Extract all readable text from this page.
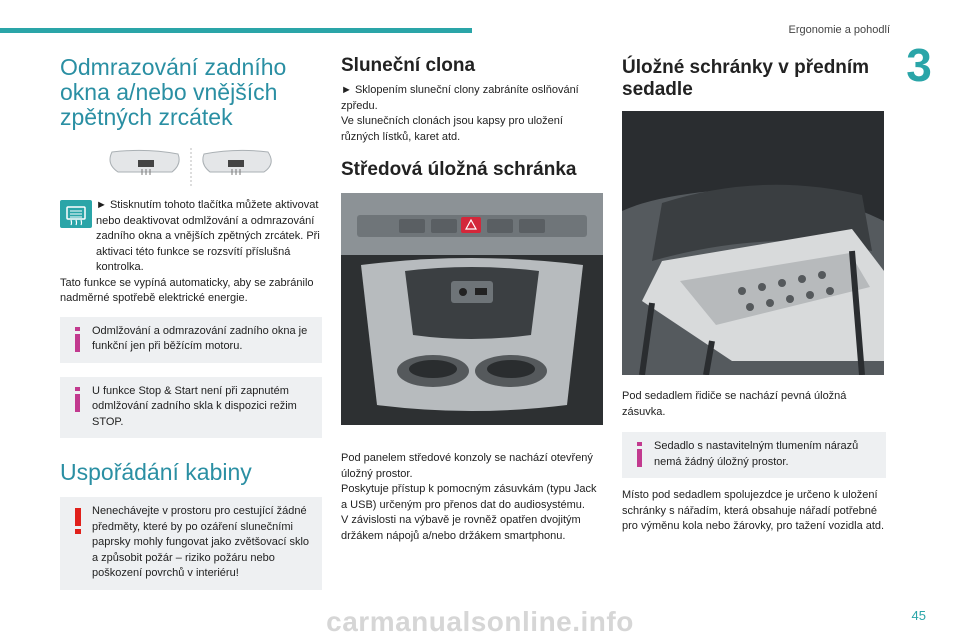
Ergonomie a pohodlí
3
Odmrazování zadního okna a/nebo vnějších zpětných zrcátek

► Stisknutím tohoto tlačítka můžete aktivovat nebo deaktivovat odmlžování a odmrazování zadního okna a vnějších zpětných zrcátek. Při aktivaci této funkce se rozsvítí příslušná kontrolka.

Tato funkce se vypíná automaticky, aby se zabránilo nadměrné spotřebě elektrické energie.

Odmlžování a odmrazování zadního okna je funkční jen při běžícím motoru.
U funkce Stop & Start není při zapnutém odmlžování zadního skla k dispozici režim STOP.
Uspořádání kabiny
Nenechávejte v prostoru pro cestující žádné předměty, které by po ozáření slunečními paprsky mohly fungovat jako zvětšovací sklo a způsobit požár – riziko požáru nebo poškození povrchů v interiéru!
Sluneční clona

► Sklopením sluneční clony zabráníte oslňování zpředu.
Ve slunečních clonách jsou kapsy pro uložení různých lístků, karet atd.

Středová úložná schránka

Pod panelem středové konzoly se nachází otevřený úložný prostor.
Poskytuje přístup k pomocným zásuvkám (typu Jack a USB) určeným pro přenos dat do audiosystému.
V závislosti na výbavě je rovněž opatřen dvojitým držákem nápojů a/nebo držákem smartphonu.

Úložné schránky v předním sedadle

Pod sedadlem řidiče se nachází pevná úložná zásuvka.

Sedadlo s nastavitelným tlumením nárazů nemá žádný úložný prostor.

Místo pod sedadlem spolujezdce je určeno k uložení schránky s nářadím, která obsahuje nářadí potřebné pro výměnu kola nebo žárovky, pro tažení vozidla atd.

carmanualsonline.info	45
